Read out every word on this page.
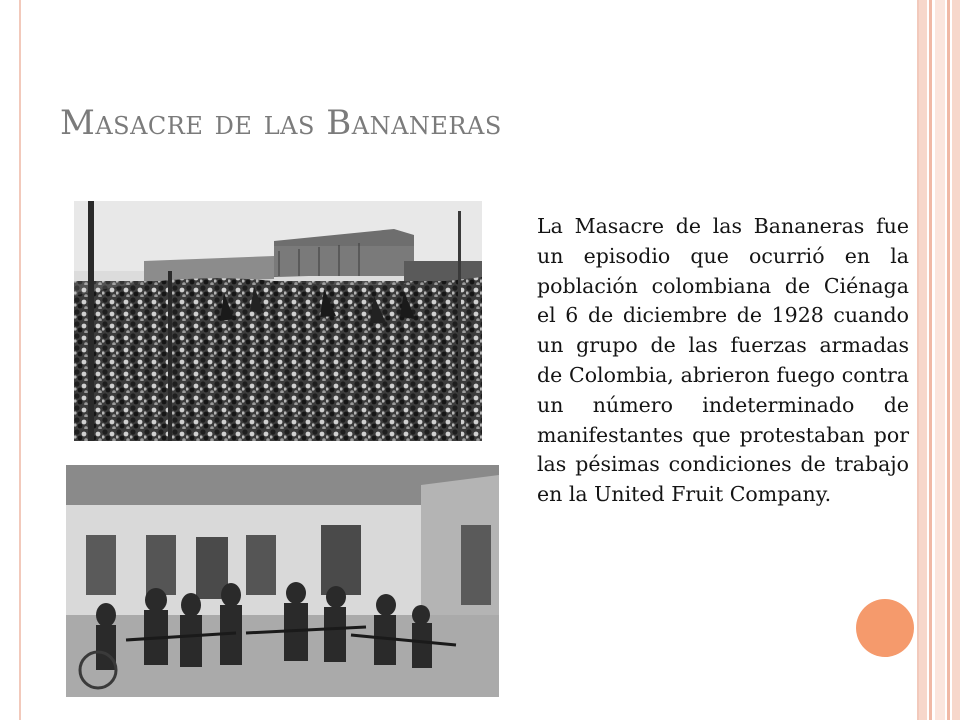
Masacre de las Bananeras

La Masacre de las Bananeras fue un episodio que ocurrió en la población colombiana de Ciénaga el 6 de diciembre de 1928 cuando un grupo de las fuerzas armadas de Colombia, abrieron fuego contra un número indeterminado de manifestantes que protestaban por las pésimas condiciones de trabajo en la United Fruit Company.
